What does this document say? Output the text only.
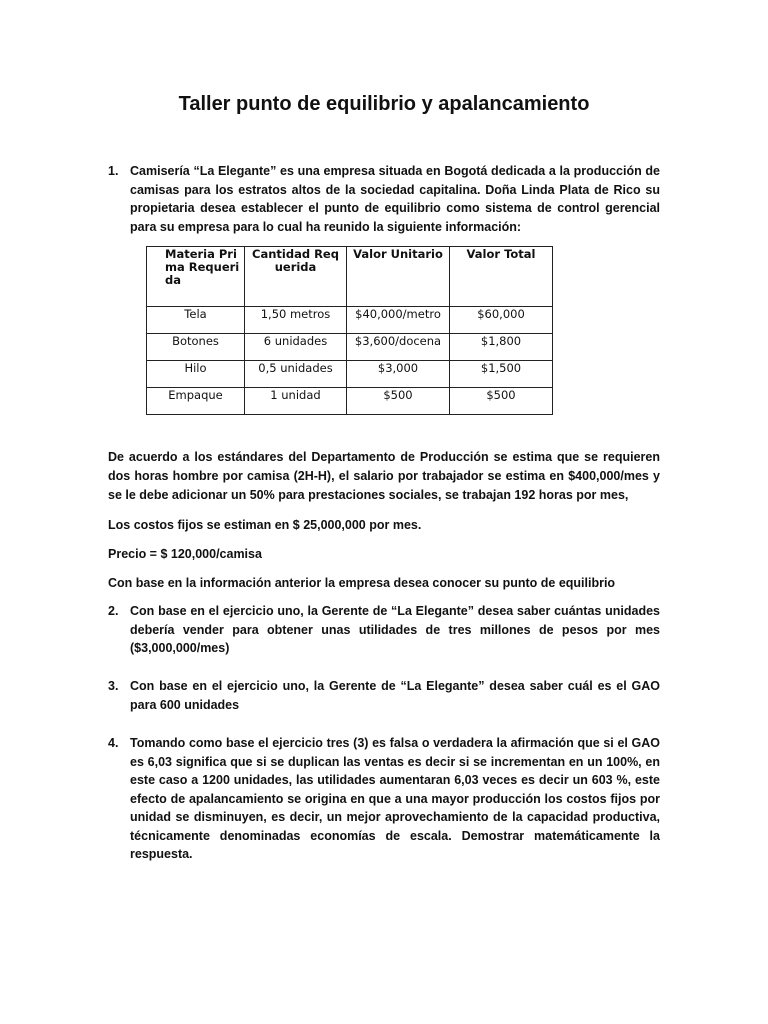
Taller punto de equilibrio y apalancamiento
1. Camisería “La Elegante” es una empresa situada en Bogotá dedicada a la producción de camisas para los estratos altos de la sociedad capitalina. Doña Linda Plata de Rico su propietaria desea establecer el punto de equilibrio como sistema de control gerencial para su empresa para lo cual ha reunido la siguiente información:
Materia Prima Requerida	Cantidad Requerida	Valor Unitario	Valor Total
Tela	1,50 metros	$40,000/metro	$60,000
Botones	6 unidades	$3,600/docena	$1,800
Hilo	0,5 unidades	$3,000	$1,500
Empaque	1 unidad	$500	$500
De acuerdo a los estándares del Departamento de Producción se estima que se requieren dos horas hombre por camisa (2H-H), el salario por trabajador se estima en $400,000/mes y se le debe adicionar un 50% para prestaciones sociales, se trabajan 192 horas por mes,
Los costos fijos se estiman en $ 25,000,000 por mes.
Precio = $ 120,000/camisa
Con base en la información anterior la empresa desea conocer su punto de equilibrio
2. Con base en el ejercicio uno, la Gerente de “La Elegante” desea saber cuántas unidades debería vender para obtener unas utilidades de tres millones de pesos por mes ($3,000,000/mes)
3. Con base en el ejercicio uno, la Gerente de “La Elegante” desea saber cuál es el GAO para 600 unidades
4. Tomando como base el ejercicio tres (3) es falsa o verdadera la afirmación que si el GAO es 6,03 significa que si se duplican las ventas es decir si se incrementan en un 100%, en este caso a 1200 unidades, las utilidades aumentaran 6,03 veces es decir un 603 %, este efecto de apalancamiento se origina en que a una mayor producción los costos fijos por unidad se disminuyen, es decir, un mejor aprovechamiento de la capacidad productiva, técnicamente denominadas economías de escala. Demostrar matemáticamente la respuesta.
